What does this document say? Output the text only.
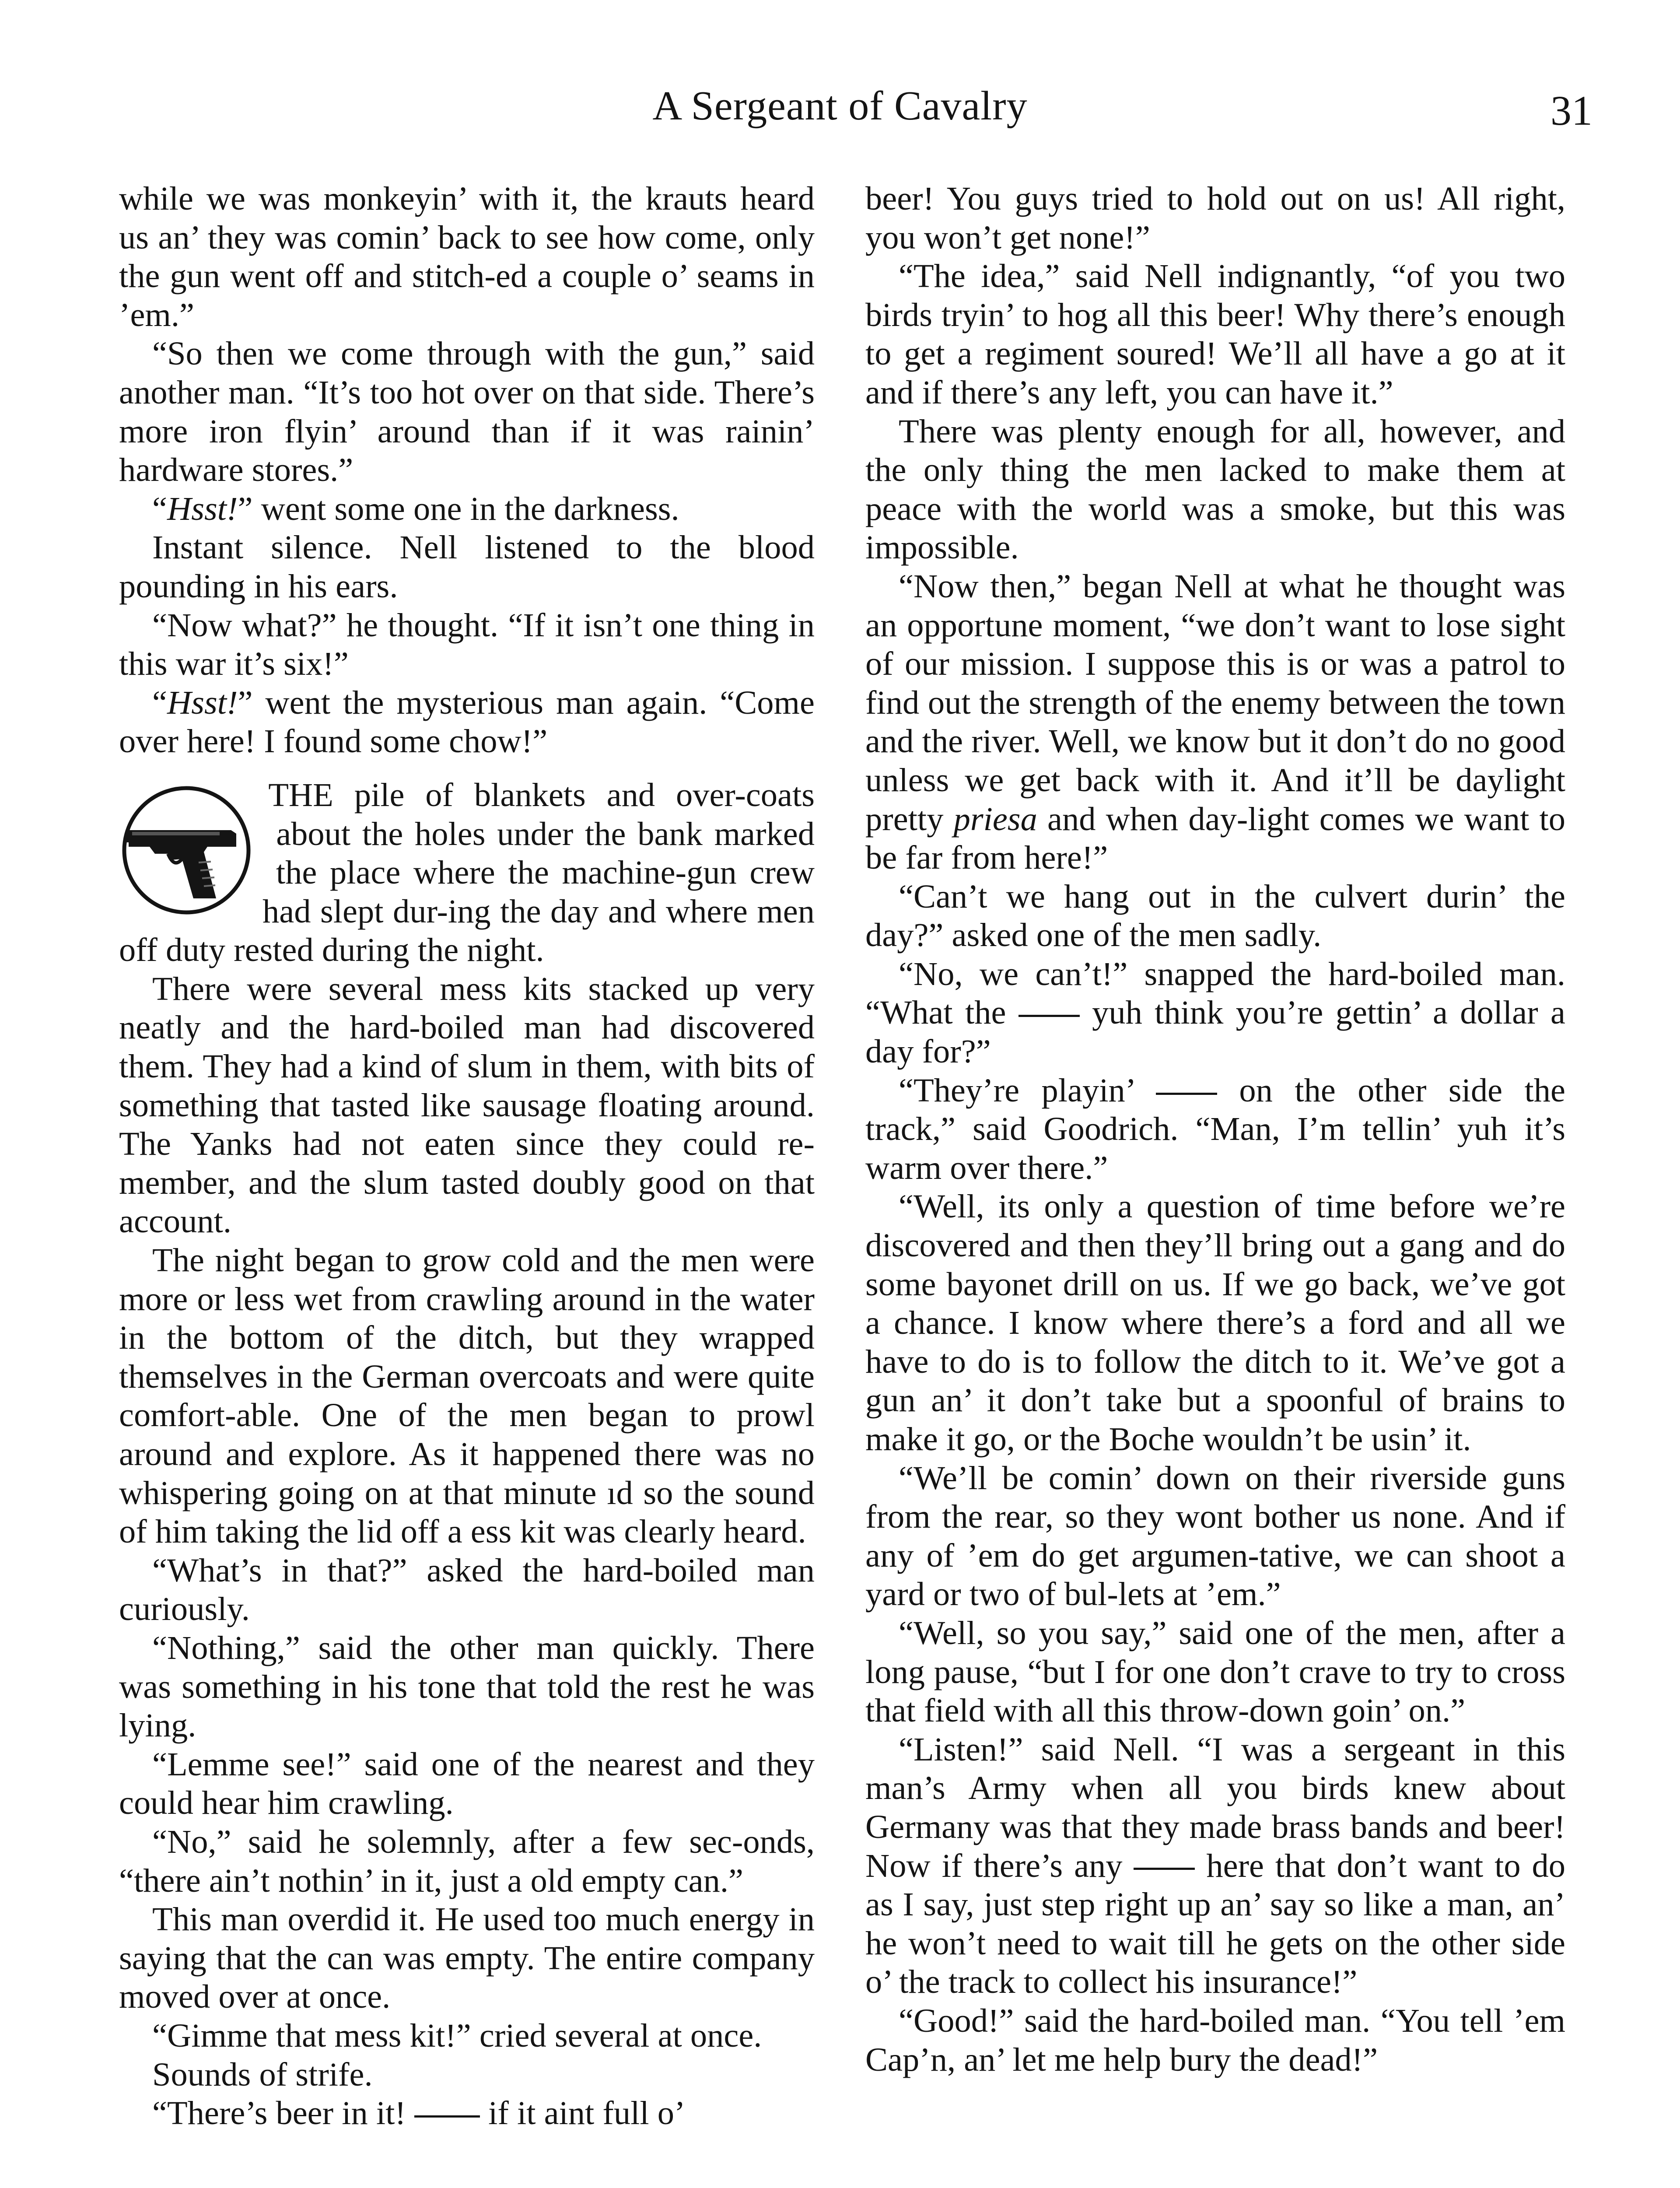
A Sergeant of Cavalry	31

while we was monkeyin’ with it, the krauts heard us an’ they was comin’ back to see how come, only the gun went off and stitch-ed a couple o’ seams in ’em.”

“So then we come through with the gun,” said another man. “It’s too hot over on that side. There’s more iron flyin’ around than if it was rainin’ hardware stores.”

“Hsst!” went some one in the darkness.

Instant silence. Nell listened to the blood pounding in his ears.

“Now what?” he thought. “If it isn’t one thing in this war it’s six!”

“Hsst!” went the mysterious man again. “Come over here! I found some chow!”

THE pile of blankets and over-coats about the holes under the bank marked the place where the machine-gun crew had slept dur-ing the day and where men off duty rested during the night.

There were several mess kits stacked up very neatly and the hard-boiled man had discovered them. They had a kind of slum in them, with bits of something that tasted like sausage floating around. The Yanks had not eaten since they could re-member, and the slum tasted doubly good on that account.

The night began to grow cold and the men were more or less wet from crawling around in the water in the bottom of the ditch, but they wrapped themselves in the German overcoats and were quite comfort-able. One of the men began to prowl around and explore. As it happened there was no whispering going on at that minute ıd so the sound of him taking the lid off a ess kit was clearly heard.

“What’s in that?” asked the hard-boiled man curiously.

“Nothing,” said the other man quickly. There was something in his tone that told the rest he was lying.

“Lemme see!” said one of the nearest and they could hear him crawling.

“No,” said he solemnly, after a few sec-onds, “there ain’t nothin’ in it, just a old empty can.”

This man overdid it. He used too much energy in saying that the can was empty. The entire company moved over at once.

“Gimme that mess kit!” cried several at once.

Sounds of strife.

“There’s beer in it! if it aint full o’

beer! You guys tried to hold out on us! All right, you won’t get none!”

“The idea,” said Nell indignantly, “of you two birds tryin’ to hog all this beer! Why there’s enough to get a regiment soured! We’ll all have a go at it and if there’s any left, you can have it.”

There was plenty enough for all, however, and the only thing the men lacked to make them at peace with the world was a smoke, but this was impossible.

“Now then,” began Nell at what he thought was an opportune moment, “we don’t want to lose sight of our mission. I suppose this is or was a patrol to find out the strength of the enemy between the town and the river. Well, we know but it don’t do no good unless we get back with it. And it’ll be daylight pretty priesa and when day-light comes we want to be far from here!”

“Can’t we hang out in the culvert durin’ the day?” asked one of the men sadly.

“No, we can’t!” snapped the hard-boiled man. “What the	yuh think you’re gettin’ a dollar a day for?”

“They’re playin’	on the other side the track,” said Goodrich. “Man, I’m tellin’ yuh it’s warm over there.”

“Well, its only a question of time before we’re discovered and then they’ll bring out a gang and do some bayonet drill on us. If we go back, we’ve got a chance. I know where there’s a ford and all we have to do is to follow the ditch to it. We’ve got a gun an’ it don’t take but a spoonful of brains to make it go, or the Boche wouldn’t be usin’ it.

“We’ll be comin’ down on their riverside guns from the rear, so they wont bother us none. And if any of ’em do get argumen-tative, we can shoot a yard or two of bul-lets at ’em.”

“Well, so you say,” said one of the men, after a long pause, “but I for one don’t crave to try to cross that field with all this throw-down goin’ on.”

“Listen!” said Nell. “I was a sergeant in this man’s Army when all you birds knew about Germany was that they made brass bands and beer! Now if there’s any	here that don’t want to do as I say, just step right up an’ say so like a man, an’ he won’t need to wait till he gets on the other side o’ the track to collect his insurance!”

“Good!” said the hard-boiled man. “You tell ’em Cap’n, an’ let me help bury the dead!”
